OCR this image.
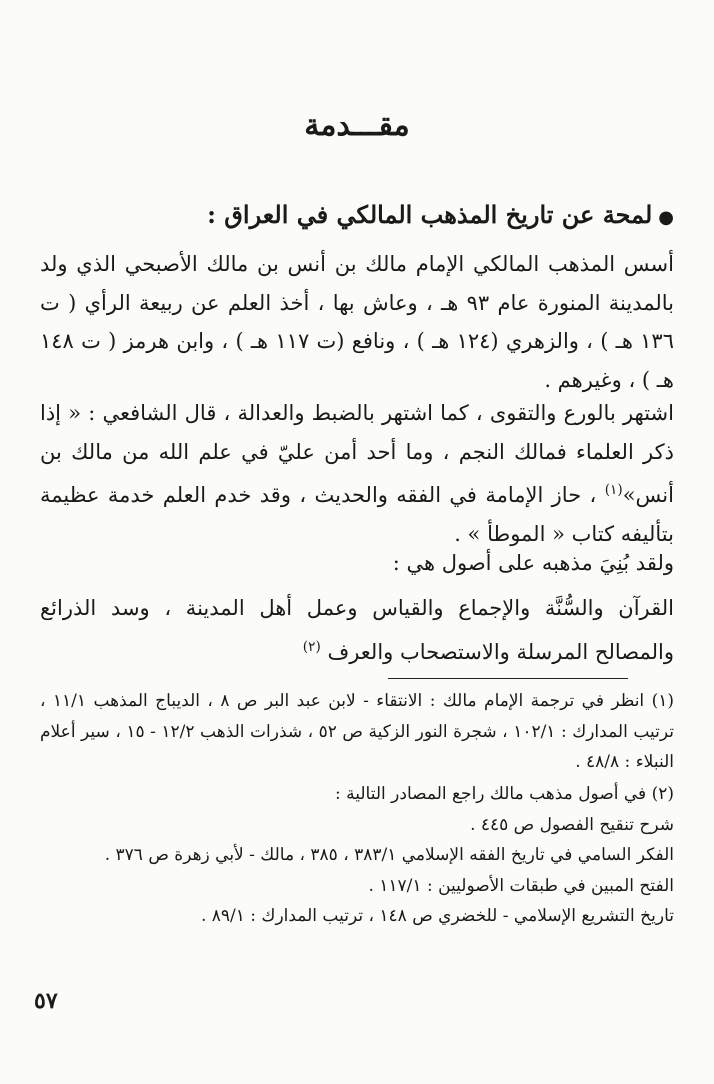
مقـــدمة
●لمحة عن تاريخ المذهب المالكي في العراق :
أسس المذهب المالكي الإمام مالك بن أنس بن مالك الأصبحي الذي ولد بالمدينة المنورة عام ٩٣ هـ ، وعاش بها ، أخذ العلم عن ربيعة الرأي ( ت ١٣٦ هـ ) ، والزهري (١٢٤ هـ ) ، ونافع (ت ١١٧ هـ ) ، وابن هرمز ( ت ١٤٨ هـ ) ، وغيرهم .
اشتهر بالورع والتقوى ، كما اشتهر بالضبط والعدالة ، قال الشافعي : « إذا ذكر العلماء فمالك النجم ، وما أحد أمن عليّ في علم الله من مالك بن أنس»$^{(١)}$ ، حاز الإمامة في الفقه والحديث ، وقد خدم العلم خدمة عظيمة بتأليفه كتاب « الموطأ » .
ولقد بُنِيَ مذهبه على أصول هي :
القرآن والسُّنَّة والإجماع والقياس وعمل أهل المدينة ، وسد الذرائع والمصالح المرسلة والاستصحاب والعرف $^{(٢)}$
(١) انظر في ترجمة الإمام مالك : الانتقاء - لابن عبد البر ص ٨ ، الديباج المذهب ١١/١ ، ترتيب المدارك : ١٠٢/١ ، شجرة النور الزكية ص ٥٢ ، شذرات الذهب ١٢/٢ - ١٥ ، سير أعلام النبلاء : ٤٨/٨ .
(٢) في أصول مذهب مالك راجع المصادر التالية :
شرح تنقيح الفصول ص ٤٤٥ .
الفكر السامي في تاريخ الفقه الإسلامي ٣٨٣/١ ، ٣٨٥ ، مالك - لأبي زهرة ص ٣٧٦ .
الفتح المبين في طبقات الأصوليين : ١١٧/١ .
تاريخ التشريع الإسلامي - للخضري ص ١٤٨ ، ترتيب المدارك : ٨٩/١ .
٥٧
